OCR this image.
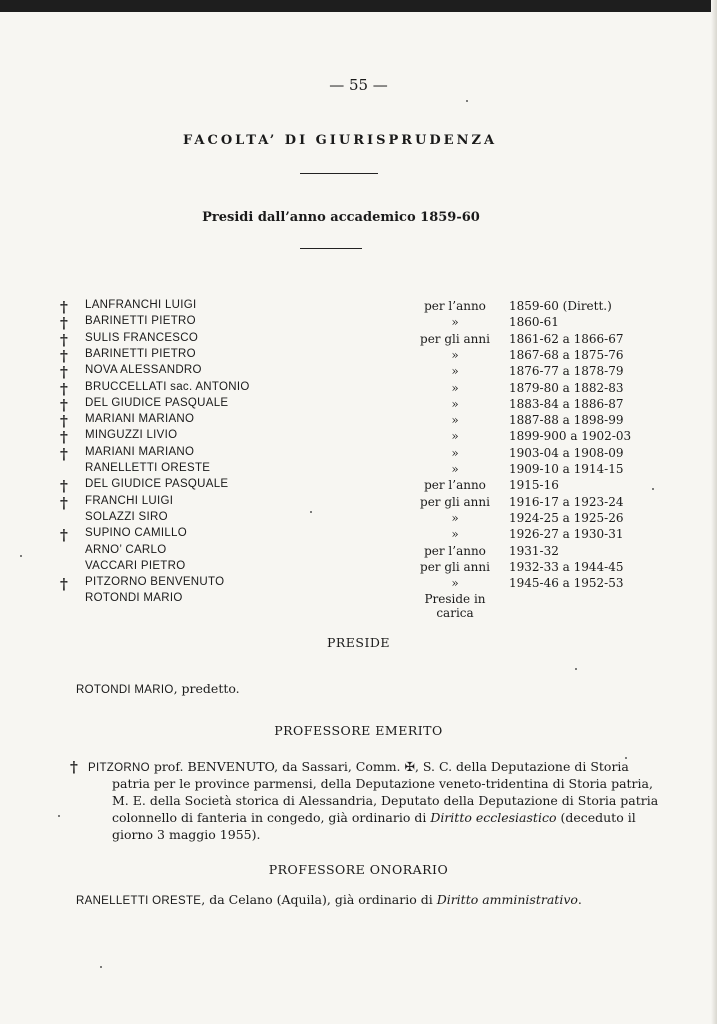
— 55 —
FACOLTA’ DI GIURISPRUDENZA
Presidi dall’anno accademico 1859-60
† LANFRANCHI LUIGI	per l’anno	1859-60 (Dirett.)
† BARINETTI PIETRO	»	1860-61
† SULIS FRANCESCO	per gli anni	1861-62 a 1866-67
† BARINETTI PIETRO	»	1867-68 a 1875-76
† NOVA ALESSANDRO	»	1876-77 a 1878-79
† BRUCCELLATI sac. ANTONIO	»	1879-80 a 1882-83
† DEL GIUDICE PASQUALE	»	1883-84 a 1886-87
† MARIANI MARIANO	»	1887-88 a 1898-99
† MINGUZZI LIVIO	»	1899-900 a 1902-03
† MARIANI MARIANO	»	1903-04 a 1908-09
RANELLETTI ORESTE	»	1909-10 a 1914-15
† DEL GIUDICE PASQUALE	per l’anno	1915-16
† FRANCHI LUIGI	per gli anni	1916-17 a 1923-24
SOLAZZI SIRO	»	1924-25 a 1925-26
† SUPINO CAMILLO	»	1926-27 a 1930-31
ARNO’ CARLO	per l’anno	1931-32
VACCARI PIETRO	per gli anni	1932-33 a 1944-45
† PITZORNO BENVENUTO	»	1945-46 a 1952-53
ROTONDI MARIO	Preside in carica
PRESIDE
ROTONDI MARIO, predetto.
PROFESSORE EMERITO
† PITZORNO prof. BENVENUTO, da Sassari, Comm. ✠, S. C. della Deputazione di Storia
patria per le province parmensi, della Deputazione veneto-tridentina di Storia patria,
M. E. della Società storica di Alessandria, Deputato della Deputazione di Storia patria
colonnello di fanteria in congedo, già ordinario di Diritto ecclesiastico (deceduto il
giorno 3 maggio 1955).
PROFESSORE ONORARIO
RANELLETTI ORESTE, da Celano (Aquila), già ordinario di Diritto amministrativo.
